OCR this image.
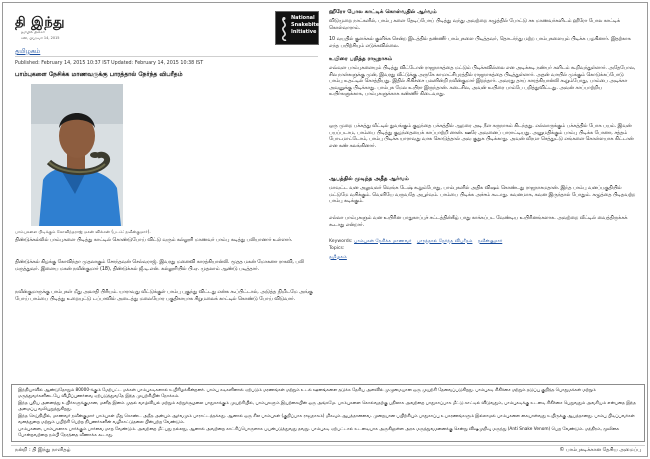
தி இந்து
தமிழில் தினசரி
சனி, பிப்ரவரி 14, 2015
National
Snakebite
Initiative
தமிழகம்
Published: February 14, 2015 10:37 IST Updated: February 14, 2015 10:38 IST
பாம்புகளை நேசிக்க மாணவருக்கு பாரத்தால் நேர்ந்த விபரீதம்
பாம்புகளை பிடிக்கும் கோவிந்தராஜ் மகன் வில்சன் (படம்: நவீன்குமார்).
திண்டுக்கல்லில் பாம்புகளை பிடித்து காட்டில் கொண்டுபோய் விட்டு வரும் கல்லூரி மாணவர் பாம்பு கடித்து பலியானார் உள்ளார்.
திண்டுக்கல் கிழக்கு கோவிந்தா முதலாகும் சோந்தவன் செல்வராஜ். இவரது மனைவி காரத்கியான்லி. மூதத மகன் மோகனா ராகவி, பலி மருத்துவர். இளைய மகன் நவீன்குமார் (18), திண்டுக்கல் ஜீ.டி.என். கல்லூரியில் பி.ஏ. முதலாம் ஆண்டு படித்தார்.
நவீன்குமாருக்கு பாம்புகள் மீது அலாதி பிரியம். யாராவது வீட்டுக்குள் பாம்பு புகுந்து விட்டது என்க கூப்பிட்டால், அடுத்த நிமிடமே அங்கு போய் பாம்பை பிடித்து உறையுட்டு டப்பாவில் அடைத்து மலையோர பகுதிகாயாக சிறுமலைக் காட்டில் கொண்டு போய் விடுவார்.
ஹீரோ போல காட்டிக் கொள்வதில் ஆர்வம்
விடுமுறை நாட்களில், பாம்பு களை தேடிப்போய் பிடித்து வந்து அவற்றை கழுத்தில் போட்டு சக மாணவர்களிடம் ஹீரோ போல காட்டிக் கொள்வாராம்.
10 வயதில் குளக்கல் குளிக்க சென்ற இடத்தில் தண்ணீர் பாம்புகளை பிடித்தவர், தொடர்ந்து மற்ற பாம்புகளையும் பிடிக்க பழகினார். இதற்காக எந்த பயிற்சியும் எடுக்கவில்லை.
உயிரை பறித்த ராஜநாகம்
எவ்வள பாம்புகளையும் பிடித்து விட்டோன் ராஜநாகத்தை மட்டும் பிடிக்கவில்லை என அடிக்கடி நண்பர் களிடம் கூறிவந்துள்ளார். அதேபோல, சில நாள்களுக்கு முன், இவரது வீட்டுக்கு அருகே காமாட்சிபுரத்தில் ராஜநாகத்தை பிடித்துள்ளார். அதன் வாயில் முக்கும் கொடுக்கப்போடு பாம்பு உதட்டில் கொத்தியது. இதில் சிகிச்சை பலனின்றி நவீன்குமார் இறந்தார். அவரது தாய் காரத்கியான்லி கூறும்போது, பாம்பை அடிக்கா அவனுக்கு பிடிக்காது. பாம்புக மேல உயிரா இருந்தான். கடைசில, அவன் உயிரை பாம்பே பறித்துவிட்டது. அவன் காப்பாற்றிய உயிர்களுக்காக, பாம்புகளுக்காக கண்ணீர் கிடைவாது.
ஒரு முறை பக்கத்து வீட்டில் துவங்கும் குழந்தை பக்கத்தில் ஆறரை அடி நீள கருநாகம் கிடந்தது. எல்லாருக்கும் பக்கத்தில் போக பயம். இவன் பயப்படாம, பாம்பை பிடித்து குழந்தையைக் காப்பாற்றி னான். ஊரே அவனைப் பாராட்டியது. அனுமதிக்கும் பாம்பு பிடிக்க போனா, சத்தம் போடமாட்டோம், பாம்பு பிடிக்க யாராவது வாக கொடுத்தால் அவ குதுக பிடிக்காது. அவன் வீரமா செத்துட்டு எங்களை கொள்ளயாக கிட்டான் என கண் கலங்கினார்.
ஆபத்தில் முடிந்த அதீத ஆர்வம்
மாவட்ட வன அலுவலர் வெங்க டேஷ் கூறும்போது, பாம்புகளில் அதிக விஷம் கொண்டது ராஜநாகமதான். இந்த பாம்பு வனப்பகுதியில் மட்டுமே வசிக்கும். வெளியே வருவதே அபூர்வம். பாம்பை பிடிக்க அச்சம் கூடாது. கவனமாக, கவன இருந்தால் போதும். கழுத்தை பிடிதவற்ற பாம்பு கடிக்கும்.
எல்லா பாம்புகளும் வன உயிரின பாதுகாப்புச் சட்டத்தின்கீழ் பாது காக்கப்பட வேண்டிய உயிரினங்களாக. அவற்றை வீட்டில் வைத்திருக்கக் கூடாது என்றார்.
Keywords: பாம்புகள் நேசிக்க மாணவர் பாரத்தால் நேர்ந்த விபரீதம் நவீன்குமார்
Topics:
தமிழகம்

இந்தியாவில் ஆண்டுதோறும் 80000-க்கும் மேற்பட்ட மக்கள் பாம்புகடிகளால் உயிரிழக்கின்றனர். பாம்பு கடிகளினால் ஏற்படும் மரணங்கள் மற்றும் உடல் ஊனங்களை தடுக்க தேசிய அளவில் முழுமையான ஒரு முயற்சி தேவைப்படுகிறது. பாம்புகடி சிகிச்சை மற்றும் தடுப்பு குறித்த பொதுமக்கள் மற்றும் மருத்துவர்களிடையே விழிப்புணர்வை ஏற்படுத்துவதே இந்த முயற்சியின் நோக்கம்.

இந்த புதிய அனைத்து உயிர்களுக்குமான, மனித இனம் முதல் வாழ்வியல் மற்றும் சுற்றுச்சூழலை பாதுகாக்கும் முயற்சியில், பாம்புகளும் இயற்கையின் ஒரு அங்கமே. பாம்புகளை கொல்வதற்கு பதிலாக அவற்றை பாதுகாப்பாக மீட்டு காட்டில் விடுவதும், பாம்புகடிக்கு உடனடி சிகிச்சை பெறுவதும் அவசியம் என்பதை இந்த அமைப்பு வலியுறுத்துகிறது.

இந்த செய்தியில், மாணவர் நவீன்குமார் பாம்புகள் மீது கொண்ட அதீத அன்பும் ஆர்வமும் பாராட்டத்தக்கது. ஆனால் ஒரு சில பாம்புகள் (குறிப்பாக ராஜநாகம்) மிகவும் ஆபத்தானவை. முறையான பயிற்சியும் பாதுகாப்பு உபகரணங்களும் இல்லாமல் பாம்புகளை கையாள்வது உயிருக்கு ஆபத்தானது. பாம்பு பிடிப்பவர்கள் வனத்துறை மற்றும் பயிற்சி பெற்ற நிபுணர்களின் வழிகாட்டுதலை பின்பற்ற வேண்டும்.

பாம்புகளை, பாம்புகளாக பார்க்கும் பார்வை மாற வேண்டும். அவற்றை மீட்பது நல்லது, ஆனால் அவற்றை காட்சிப்பொருளாக பயன்படுத்துவது தவறு. பாம்புகடி ஏற்பட்டால் உடனடியாக அருகிலுள்ள அரசு மருத்துவமனைக்கு சென்று விஷமுறிவு மருந்து (Anti Snake Venom) பெற வேண்டும். மந்திரம், மூலிகை போன்றவற்றை நம்பி நேரத்தை வீணாக்க கூடாது.

நன்றி : தி இந்து நாளிதழ்	© பாம்புகடிக்கான தேசிய அமைப்பு
